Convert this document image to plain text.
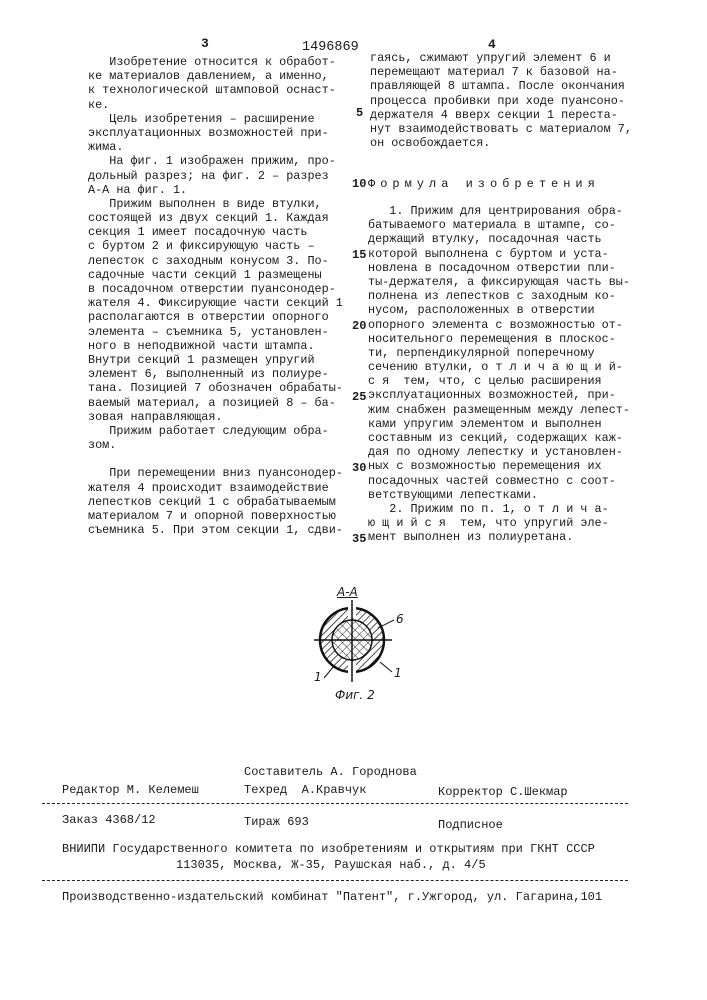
3	1496869	4
Изобретение относится к обработ-
ке материалов давлением, а именно,
к технологической штамповой оснаст-
ке.
Цель изобретения – расширение
эксплуатационных возможностей при-
жима.
На фиг. 1 изображен прижим, про-
дольный разрез; на фиг. 2 – разрез
А-А на фиг. 1.
Прижим выполнен в виде втулки,
состоящей из двух секций 1. Каждая
секция 1 имеет посадочную часть
с буртом 2 и фиксирующую часть –
лепесток с заходным конусом 3. По-
садочные части секций 1 размещены
в посадочном отверстии пуансонодер-
жателя 4. Фиксирующие части секций 1
располагаются в отверстии опорного
элемента – съемника 5, установлен-
ного в неподвижной части штампа.
Внутри секций 1 размещен упругий
элемент 6, выполненный из полиуре-
тана. Позицией 7 обозначен обрабаты-
ваемый материал, а позицией 8 – ба-
зовая направляющая.
Прижим работает следующим обра-
зом.
При перемещении вниз пуансонодер-
жателя 4 происходит взаимодействие
лепестков секций 1 с обрабатываемым
материалом 7 и опорной поверхностью
съемника 5. При этом секции 1, сдви-
5
10
15
20
25
30
35
гаясь, сжимают упругий элемент 6 и
перемещают материал 7 к базовой на-
правляющей 8 штампа. После окончания
процесса пробивки при ходе пуансоно-
держателя 4 вверх секции 1 переста-
нут взаимодействовать с материалом 7,
он освобождается.
Формула изобретения
1. Прижим для центрирования обра-
батываемого материала в штампе, со-
держащий втулку, посадочная часть
которой выполнена с буртом и уста-
новлена в посадочном отверстии пли-
ты-держателя, а фиксирующая часть вы-
полнена из лепестков с заходным ко-
нусом, расположенных в отверстии
опорного элемента с возможностью от-
носительного перемещения в плоскос-
ти, перпендикулярной поперечному
сечению втулки, о т л и ч а ю щ и й-
с я  тем, что, с целью расширения
эксплуатационных возможностей, при-
жим снабжен размещенным между лепест-
ками упругим элементом и выполнен
составным из секций, содержащих каж-
дая по одному лепестку и установлен-
ных с возможностью перемещения их
посадочных частей совместно с соот-
ветствующими лепестками.
2. Прижим по п. 1, о т л и ч а-
ю щ и й с я  тем, что упругий эле-
мент выполнен из полиуретана.
А-А
6
1	1
Фиг. 2
Составитель А. Городнова
Редактор М. Келемеш	Техред  А.Кравчук	Корректор С.Шекмар
Заказ 4368/12	Тираж 693	Подписное
ВНИИПИ Государственного комитета по изобретениям и открытиям при ГКНТ СССР
113035, Москва, Ж-35, Раушская наб., д. 4/5
Производственно-издательский комбинат "Патент", г.Ужгород, ул. Гагарина,101
